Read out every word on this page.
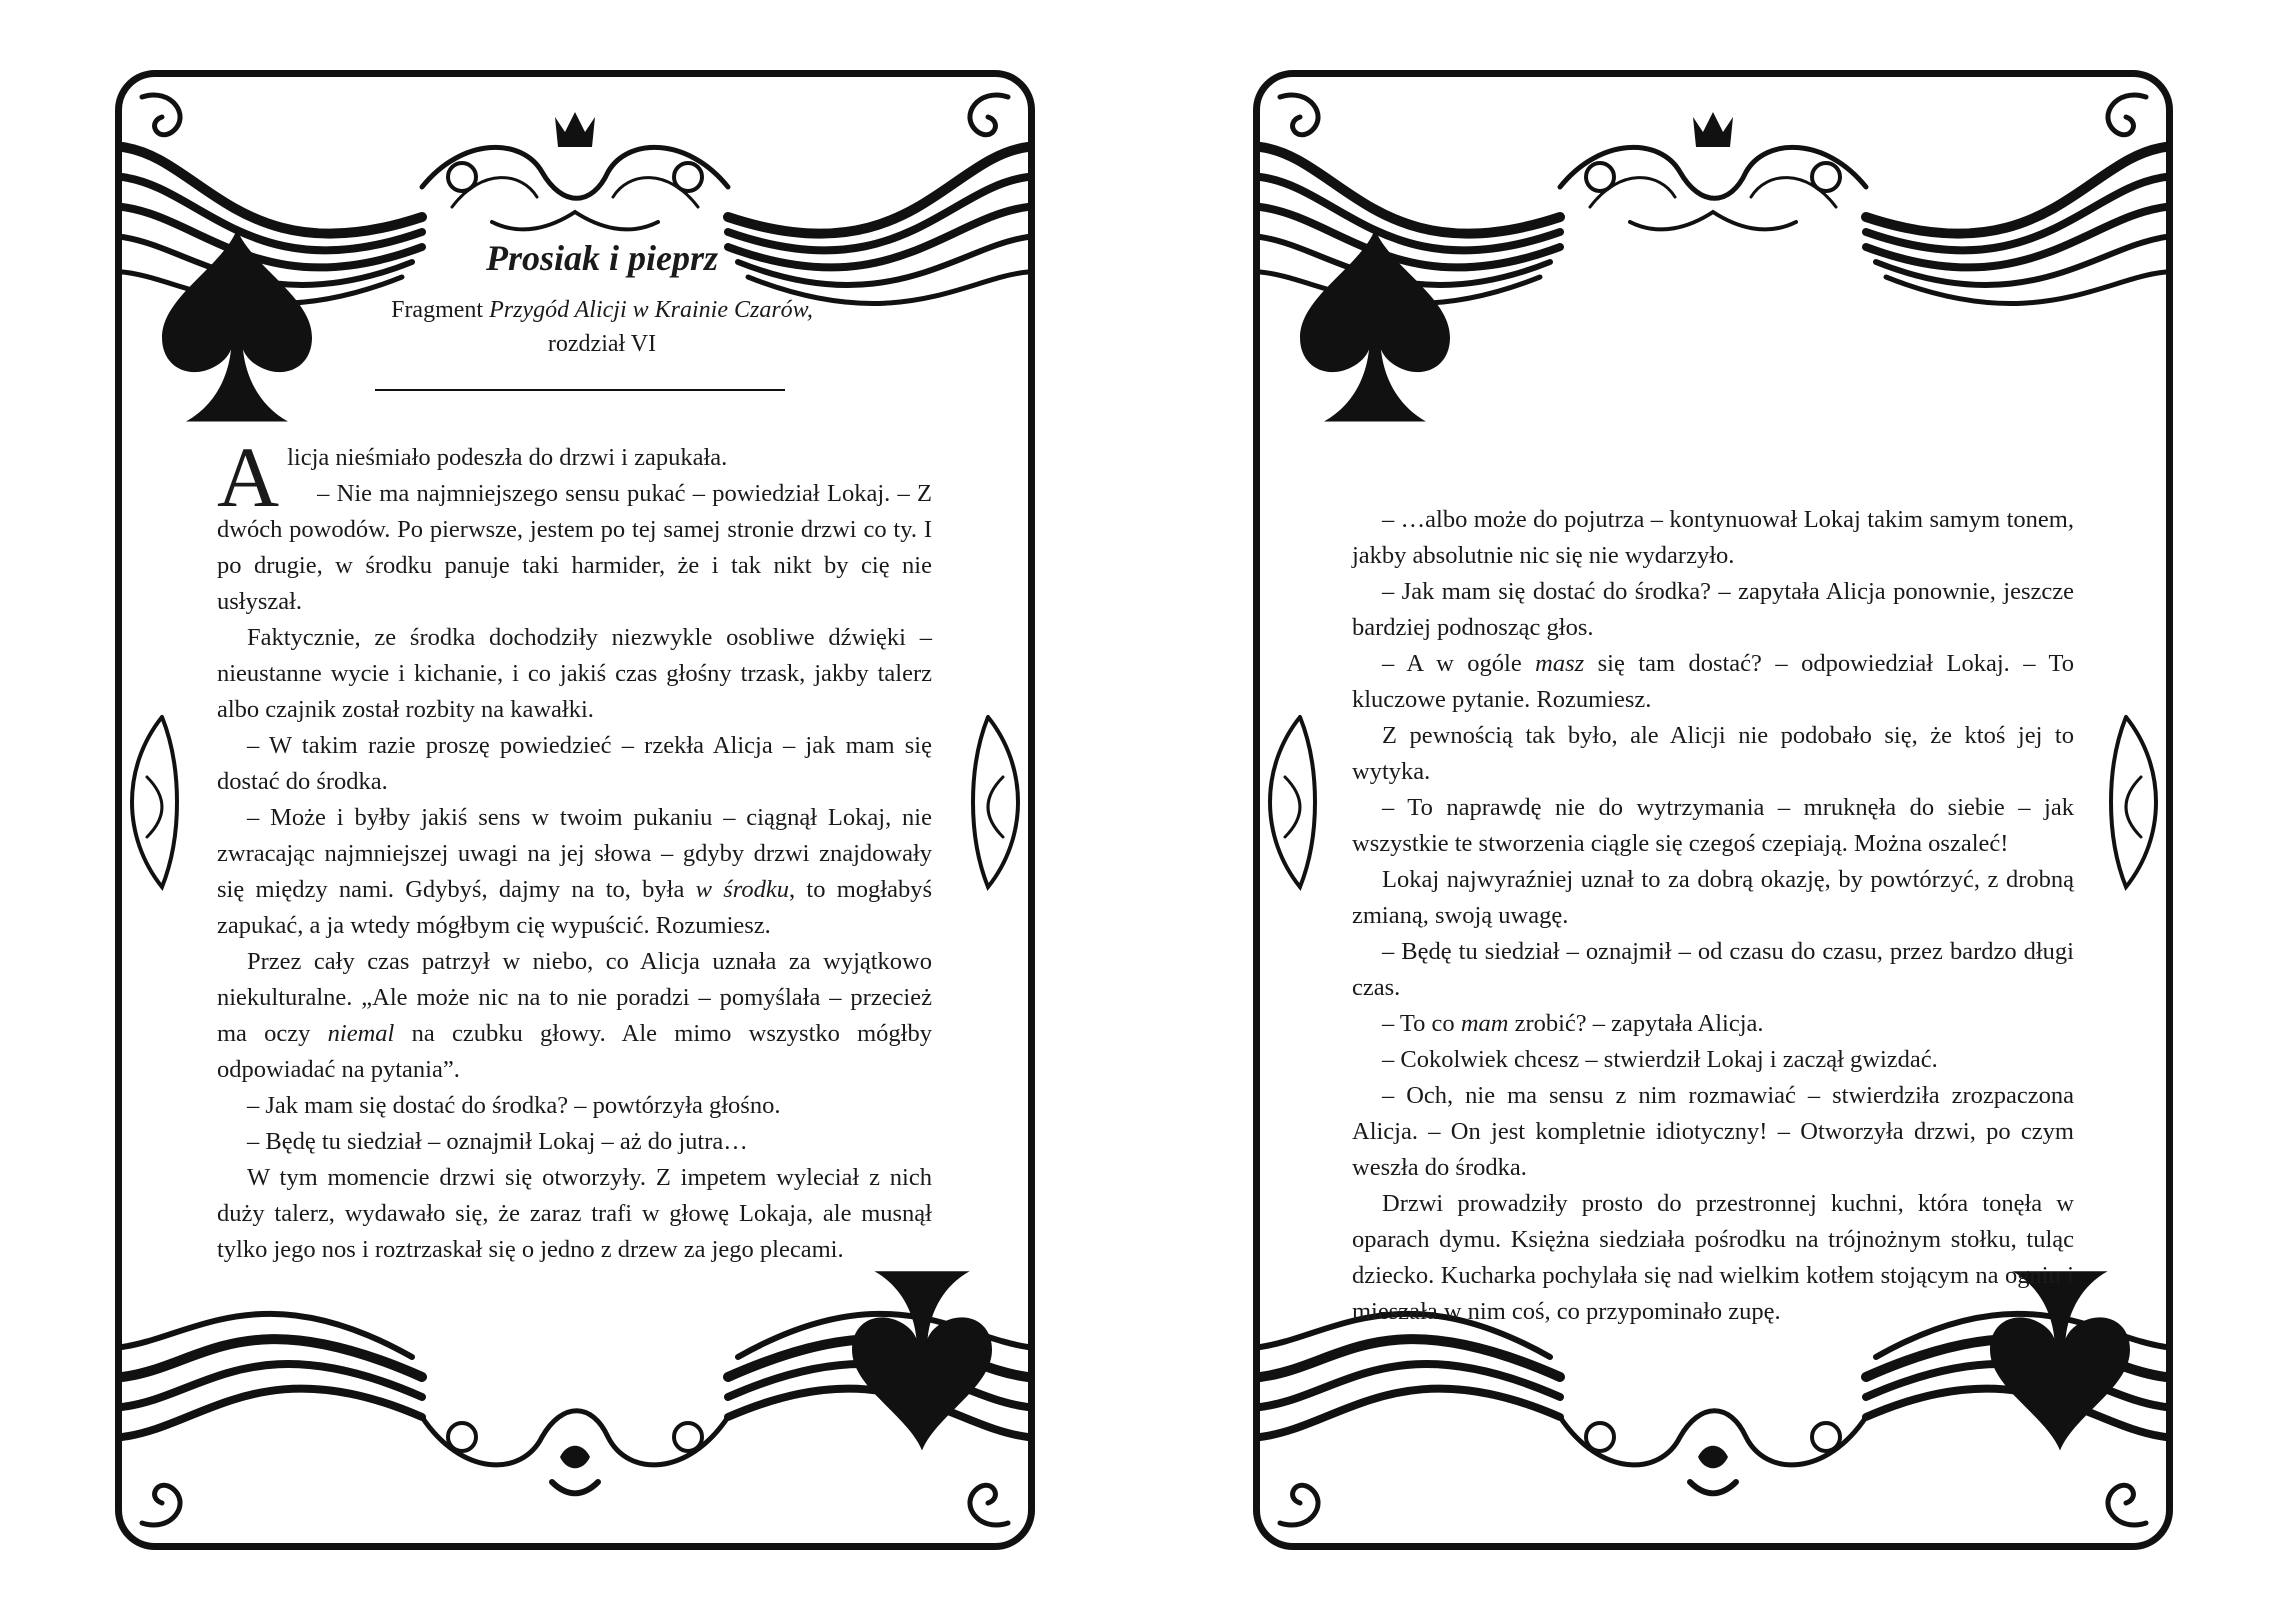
Prosiak i pieprz
Fragment Przygód Alicji w Krainie Czarów,
rozdział VI

Alicja nieśmiało podeszła do drzwi i zapukała.

– Nie ma najmniejszego sensu pukać – powiedział Lokaj. – Z dwóch powodów. Po pierwsze, jestem po tej samej stronie drzwi co ty. I po drugie, w środku panuje taki harmider, że i tak nikt by cię nie usłyszał.

Faktycznie, ze środka dochodziły niezwykle osobliwe dźwięki – nieustanne wycie i kichanie, i co jakiś czas głośny trzask, jakby talerz albo czajnik został rozbity na kawałki.

– W takim razie proszę powiedzieć – rzekła Alicja – jak mam się dostać do środka.

– Może i byłby jakiś sens w twoim pukaniu – ciągnął Lokaj, nie zwracając najmniejszej uwagi na jej słowa – gdyby drzwi znajdowały się między nami. Gdybyś, dajmy na to, była w środku, to mogłabyś zapukać, a ja wtedy mógłbym cię wypuścić. Rozumiesz.

Przez cały czas patrzył w niebo, co Alicja uznała za wyjątkowo niekulturalne. „Ale może nic na to nie poradzi – pomyślała – przecież ma oczy niemal na czubku głowy. Ale mimo wszystko mógłby odpowiadać na pytania”.

– Jak mam się dostać do środka? – powtórzyła głośno.

– Będę tu siedział – oznajmił Lokaj – aż do jutra…

W tym momencie drzwi się otworzyły. Z impetem wyleciał z nich duży talerz, wydawało się, że zaraz trafi w głowę Lokaja, ale musnął tylko jego nos i roztrzaskał się o jedno z drzew za jego plecami.

– …albo może do pojutrza – kontynuował Lokaj takim samym tonem, jakby absolutnie nic się nie wydarzyło.

– Jak mam się dostać do środka? – zapytała Alicja ponownie, jeszcze bardziej podnosząc głos.

– A w ogóle masz się tam dostać? – odpowiedział Lokaj. – To kluczowe pytanie. Rozumiesz.

Z pewnością tak było, ale Alicji nie podobało się, że ktoś jej to wytyka.

– To naprawdę nie do wytrzymania – mruknęła do siebie – jak wszystkie te stworzenia ciągle się czegoś czepiają. Można oszaleć!

Lokaj najwyraźniej uznał to za dobrą okazję, by powtórzyć, z drobną zmianą, swoją uwagę.

– Będę tu siedział – oznajmił – od czasu do czasu, przez bardzo długi czas.

– To co mam zrobić? – zapytała Alicja.

– Cokolwiek chcesz – stwierdził Lokaj i zaczął gwizdać.

– Och, nie ma sensu z nim rozmawiać – stwierdziła zrozpaczona Alicja. – On jest kompletnie idiotyczny! – Otworzyła drzwi, po czym weszła do środka.

Drzwi prowadziły prosto do przestronnej kuchni, która tonęła w oparach dymu. Księżna siedziała pośrodku na trójnożnym stołku, tuląc dziecko. Kucharka pochylała się nad wielkim kotłem stojącym na ogniu i mieszała w nim coś, co przypominało zupę.
